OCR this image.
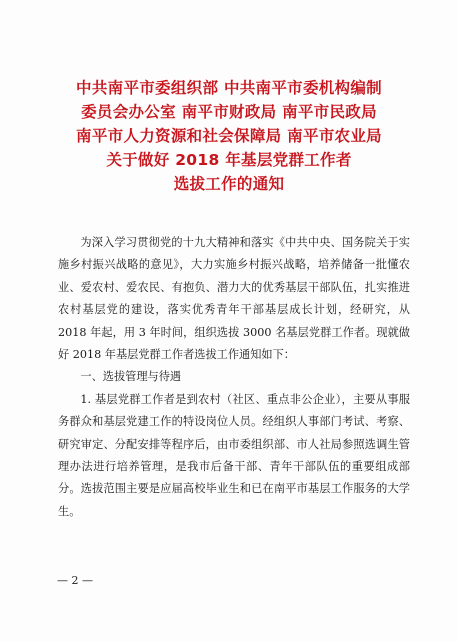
中共南平市委组织部 中共南平市委机构编制
委员会办公室 南平市财政局 南平市民政局
南平市人力资源和社会保障局 南平市农业局
关于做好 2018 年基层党群工作者
选拔工作的通知

为深入学习贯彻党的十九大精神和落实《中共中央、国务院关于实施乡村振兴战略的意见》，大力实施乡村振兴战略，培养储备一批懂农业、爱农村、爱农民、有抱负、潜力大的优秀基层干部队伍，扎实推进农村基层党的建设，落实优秀青年干部基层成长计划，经研究，从 2018 年起，用 3 年时间，组织选拔 3000 名基层党群工作者。现就做好 2018 年基层党群工作者选拔工作通知如下：

一、选拔管理与待遇

1. 基层党群工作者是到农村（社区、重点非公企业），主要从事服务群众和基层党建工作的特设岗位人员。经组织人事部门考试、考察、研究审定、分配安排等程序后，由市委组织部、市人社局参照选调生管理办法进行培养管理，是我市后备干部、青年干部队伍的重要组成部分。选拔范围主要是应届高校毕业生和已在南平市基层工作服务的大学生。

— 2 —
